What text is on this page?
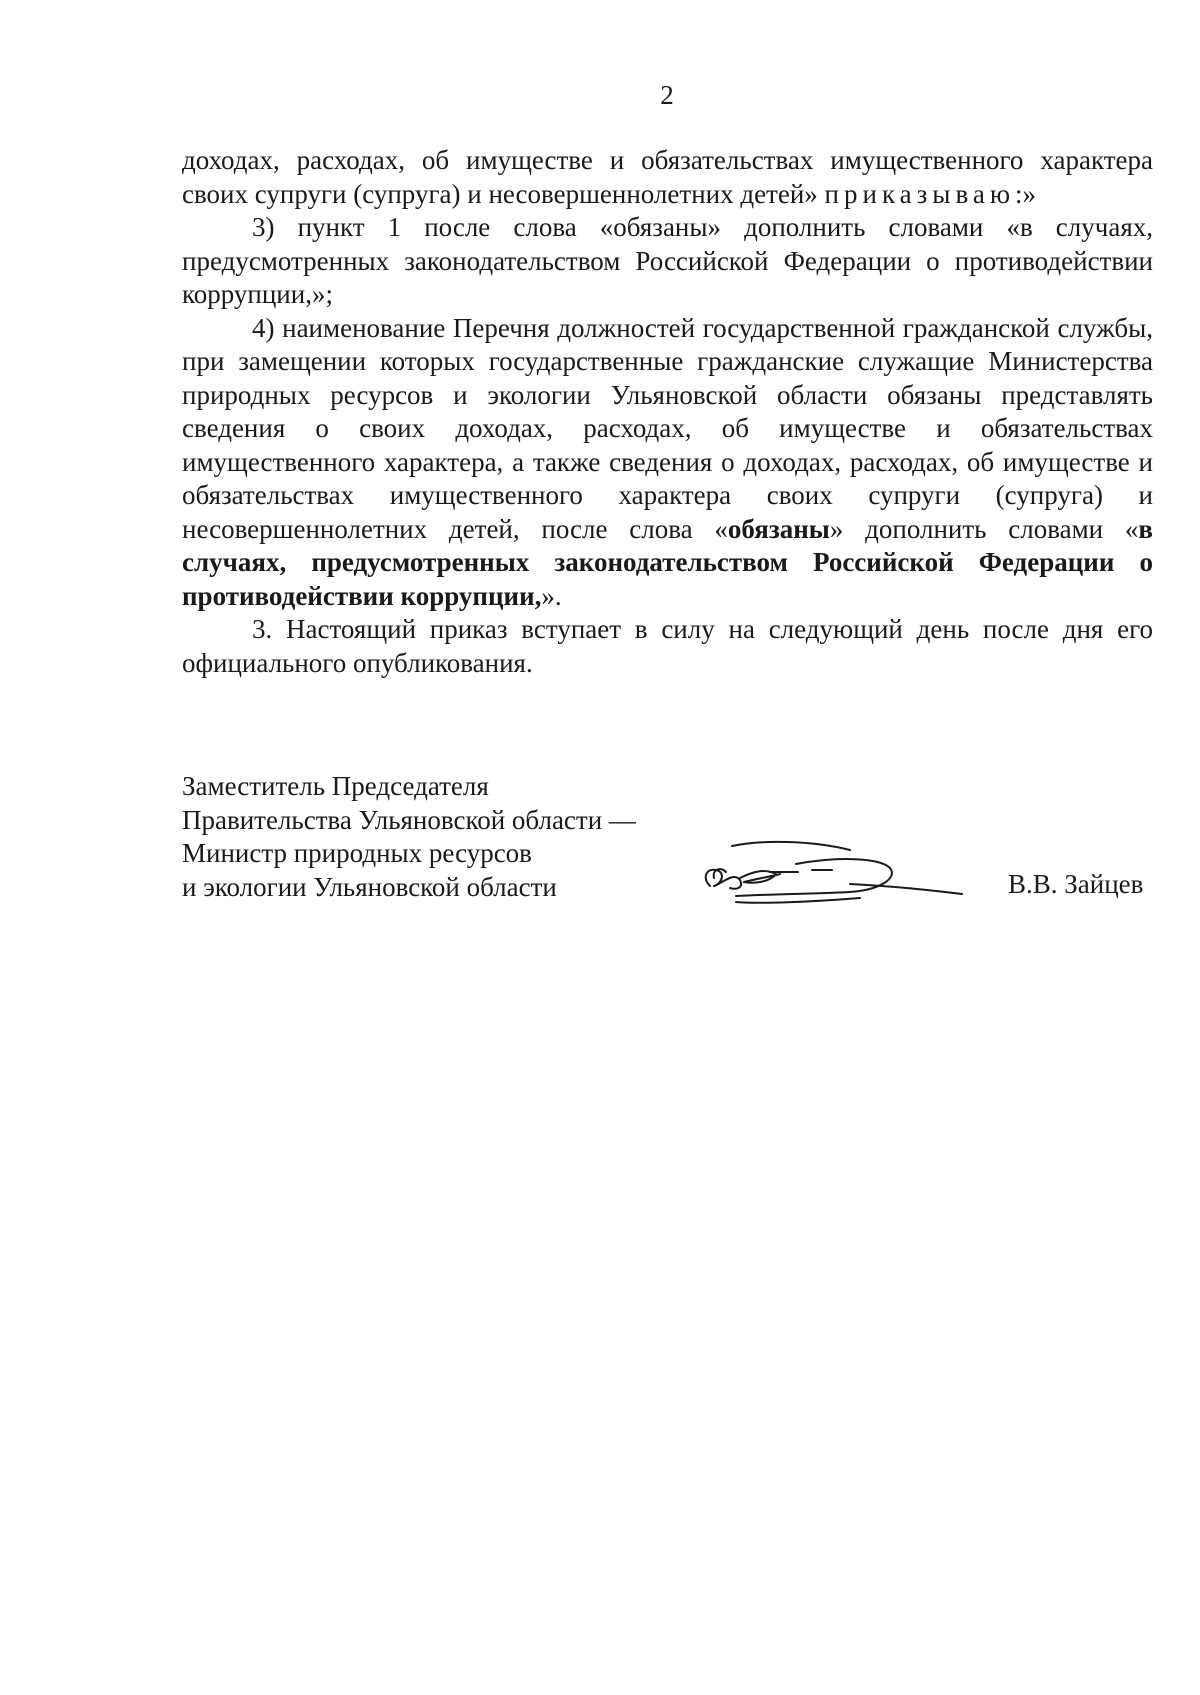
2

доходах, расходах, об имуществе и обязательствах имущественного характера своих супруги (супруга) и несовершеннолетних детей» приказываю:»

3) пункт 1 после слова «обязаны» дополнить словами «в случаях, предусмотренных законодательством Российской Федерации о противодействии коррупции,»;

4) наименование Перечня должностей государственной гражданской службы, при замещении которых государственные гражданские служащие Министерства природных ресурсов и экологии Ульяновской области обязаны представлять сведения о своих доходах, расходах, об имуществе и обязательствах имущественного характера, а также сведения о доходах, расходах, об имуществе и обязательствах имущественного характера своих супруги (супруга) и несовершеннолетних детей, после слова «обязаны» дополнить словами «в случаях, предусмотренных законодательством Российской Федерации о противодействии коррупции,».

3. Настоящий приказ вступает в силу на следующий день после дня его официального опубликования.

Заместитель Председателя
Правительства Ульяновской области —
Министр природных ресурсов
и экологии Ульяновской области	В.В. Зайцев
